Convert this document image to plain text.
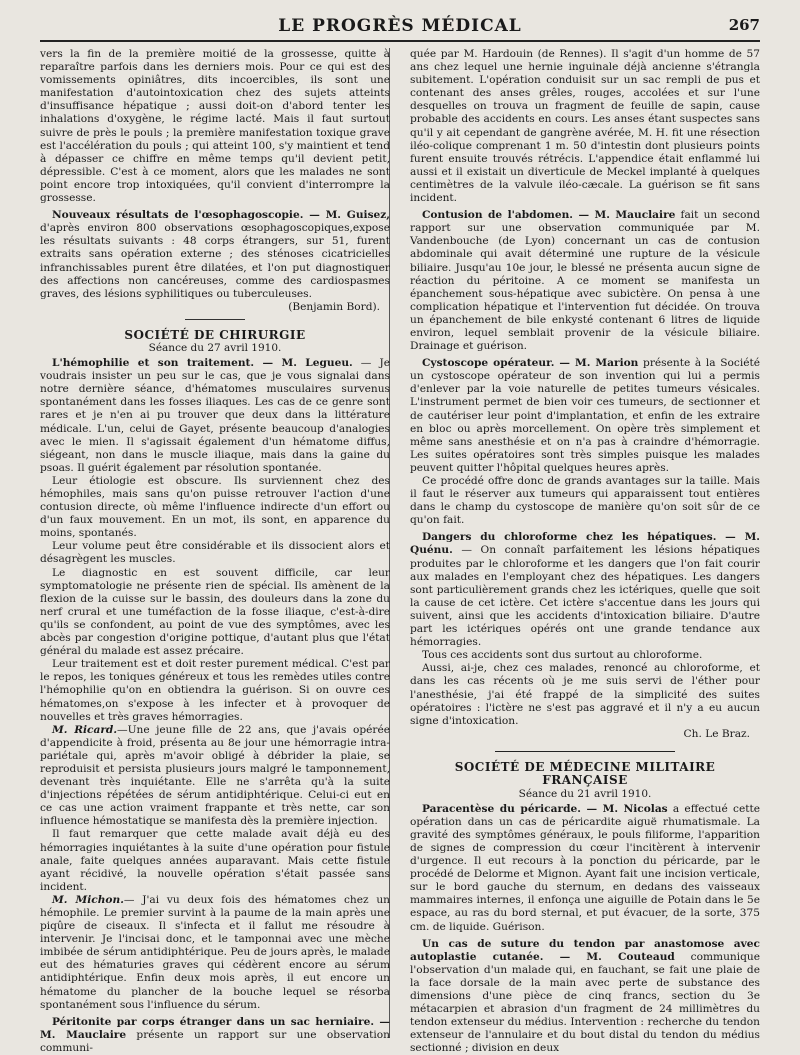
LE PROGRÈS MÉDICAL	267

vers la fin de la première moitié de la grossesse, quitte à reparaître parfois dans les derniers mois. Pour ce qui est des vomissements opiniâtres, dits incoercibles, ils sont une manifestation d'autointoxication chez des sujets atteints d'insuffisance hépatique ; aussi doit-on d'abord tenter les inhalations d'oxygène, le régime lacté. Mais il faut surtout suivre de près le pouls ; la première manifestation toxique grave est l'accélération du pouls ; qui atteint 100, s'y maintient et tend à dépasser ce chiffre en même temps qu'il devient petit, dépressible. C'est à ce moment, alors que les malades ne sont point encore trop intoxiquées, qu'il convient d'interrompre la grossesse.

Nouveaux résultats de l'œsophagoscopie. — M. Guisez, d'après environ 800 observations œsophagoscopiques,expose les résultats suivants : 48 corps étrangers, sur 51, furent extraits sans opération externe ; des sténoses cicatricielles infranchissables purent être dilatées, et l'on put diagnostiquer des affections non cancéreuses, comme des cardiospasmes graves, des lésions syphilitiques ou tuberculeuses.

(Benjamin Bord).

SOCIÉTÉ DE CHIRURGIE
Séance du 27 avril 1910.

L'hémophilie et son traitement. — M. Legueu. — Je voudrais insister un peu sur le cas, que je vous signalai dans notre dernière séance, d'hématomes musculaires survenus spontanément dans les fosses iliaques. Les cas de ce genre sont rares et je n'en ai pu trouver que deux dans la littérature médicale. L'un, celui de Gayet, présente beaucoup d'analogies avec le mien. Il s'agissait également d'un hématome diffus, siégeant, non dans le muscle iliaque, mais dans la gaine du psoas. Il guérit également par résolution spontanée.

Leur étiologie est obscure. Ils surviennent chez des hémophiles, mais sans qu'on puisse retrouver l'action d'une contusion directe, où même l'influence indirecte d'un effort ou d'un faux mouvement. En un mot, ils sont, en apparence du moins, spontanés.

Leur volume peut être considérable et ils dissocient alors et désagrègent les muscles.

Le diagnostic en est souvent difficile, car leur symptomatologie ne présente rien de spécial. Ils amènent de la flexion de la cuisse sur le bassin, des douleurs dans la zone du nerf crural et une tuméfaction de la fosse iliaque, c'est-à-dire qu'ils se confondent, au point de vue des symptômes, avec les abcès par congestion d'origine pottique, d'autant plus que l'état général du malade est assez précaire.

Leur traitement est et doit rester purement médical. C'est par le repos, les toniques généreux et tous les remèdes utiles contre l'hémophilie qu'on en obtiendra la guérison. Si on ouvre ces hématomes,on s'expose à les infecter et à provoquer de nouvelles et très graves hémorragies.

M. Ricard.—Une jeune fille de 22 ans, que j'avais opérée d'appendicite à froid, présenta au 8e jour une hémorragie intra-pariétale qui, après m'avoir obligé à débrider la plaie, se reproduisit et persista plusieurs jours malgré le tamponnement, devenant très inquiétante. Elle ne s'arrêta qu'à la suite d'injections répétées de sérum antidiphtérique. Celui-ci eut en ce cas une action vraiment frappante et très nette, car son influence hémostatique se manifesta dès la première injection.

Il faut remarquer que cette malade avait déjà eu des hémorragies inquiétantes à la suite d'une opération pour fistule anale, faite quelques années auparavant. Mais cette fistule ayant récidivé, la nouvelle opération s'était passée sans incident.

M. Michon.— J'ai vu deux fois des hématomes chez un hémophile. Le premier survint à la paume de la main après une piqûre de ciseaux. Il s'infecta et il fallut me résoudre à intervenir. Je l'incisai donc, et le tamponnai avec une mèche imbibée de sérum antidiphtérique. Peu de jours après, le malade eut des hématuries graves qui cédèrent encore au sérum antidiphtérique. Enfin deux mois après, il eut encore un hématome du plancher de la bouche lequel se résorba spontanément sous l'influence du sérum.

Péritonite par corps étranger dans un sac herniaire. — M. Mauclaire présente un rapport sur une observation communi-

quée par M. Hardouin (de Rennes). Il s'agit d'un homme de 57 ans chez lequel une hernie inguinale déjà ancienne s'étrangla subitement. L'opération conduisit sur un sac rempli de pus et contenant des anses grêles, rouges, accolées et sur l'une desquelles on trouva un fragment de feuille de sapin, cause probable des accidents en cours. Les anses étant suspectes sans qu'il y ait cependant de gangrène avérée, M. H. fit une résection iléo-colique comprenant 1 m. 50 d'intestin dont plusieurs points furent ensuite trouvés rétrécis. L'appendice était enflammé lui aussi et il existait un diverticule de Meckel implanté à quelques centimètres de la valvule iléo-cæcale. La guérison se fit sans incident.

Contusion de l'abdomen. — M. Mauclaire fait un second rapport sur une observation communiquée par M. Vandenbouche (de Lyon) concernant un cas de contusion abdominale qui avait déterminé une rupture de la vésicule biliaire. Jusqu'au 10e jour, le blessé ne présenta aucun signe de réaction du péritoine. A ce moment se manifesta un épanchement sous-hépatique avec subictère. On pensa à une complication hépatique et l'intervention fut décidée. On trouva un épanchement de bile enkysté contenant 6 litres de liquide environ, lequel semblait provenir de la vésicule biliaire. Drainage et guérison.

Cystoscope opérateur. — M. Marion présente à la Société un cystoscope opérateur de son invention qui lui a permis d'enlever par la voie naturelle de petites tumeurs vésicales. L'instrument permet de bien voir ces tumeurs, de sectionner et de cautériser leur point d'implantation, et enfin de les extraire en bloc ou après morcellement. On opère très simplement et même sans anesthésie et on n'a pas à craindre d'hémorragie. Les suites opératoires sont très simples puisque les malades peuvent quitter l'hôpital quelques heures après.

Ce procédé offre donc de grands avantages sur la taille. Mais il faut le réserver aux tumeurs qui apparaissent tout entières dans le champ du cystoscope de manière qu'on soit sûr de ce qu'on fait.

Dangers du chloroforme chez les hépatiques. — M. Quénu. — On connaît parfaitement les lésions hépatiques produites par le chloroforme et les dangers que l'on fait courir aux malades en l'employant chez des hépatiques. Les dangers sont particulièrement grands chez les ictériques, quelle que soit la cause de cet ictère. Cet ictère s'accentue dans les jours qui suivent, ainsi que les accidents d'intoxication biliaire. D'autre part les ictériques opérés ont une grande tendance aux hémorragies.

Tous ces accidents sont dus surtout au chloroforme.

Aussi, ai-je, chez ces malades, renoncé au chloroforme, et dans les cas récents où je me suis servi de l'éther pour l'anesthésie, j'ai été frappé de la simplicité des suites opératoires : l'ictère ne s'est pas aggravé et il n'y a eu aucun signe d'intoxication.

Ch. Le Braz.

SOCIÉTÉ DE MÉDECINE MILITAIRE FRANÇAISE
Séance du 21 avril 1910.

Paracentèse du péricarde. — M. Nicolas a effectué cette opération dans un cas de péricardite aiguë rhumatismale. La gravité des symptômes généraux, le pouls filiforme, l'apparition de signes de compression du cœur l'incitèrent à intervenir d'urgence. Il eut recours à la ponction du péricarde, par le procédé de Delorme et Mignon. Ayant fait une incision verticale, sur le bord gauche du sternum, en dedans des vaisseaux mammaires internes, il enfonça une aiguille de Potain dans le 5e espace, au ras du bord sternal, et put évacuer, de la sorte, 375 cm. de liquide. Guérison.

Un cas de suture du tendon par anastomose avec autoplastie cutanée. — M. Couteaud communique l'observation d'un malade qui, en fauchant, se fait une plaie de la face dorsale de la main avec perte de substance des dimensions d'une pièce de cinq francs, section du 3e métacarpien et abrasion d'un fragment de 24 millimètres du tendon extenseur du médius. Intervention : recherche du tendon extenseur de l'annulaire et du bout distal du tendon du médius sectionné ; division en deux
